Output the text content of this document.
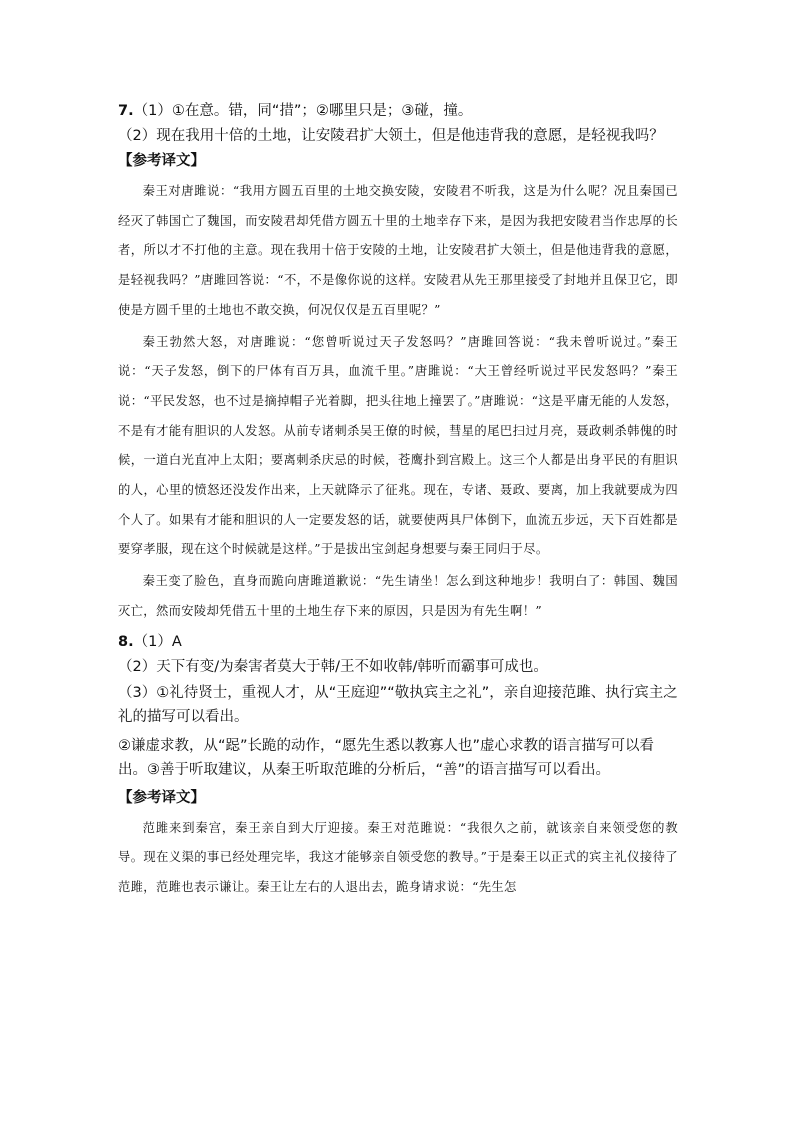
7.（1）①在意。错，同“措”；②哪里只是；③碰，撞。
（2）现在我用十倍的土地，让安陵君扩大领土，但是他违背我的意愿，是轻视我吗？
【参考译文】

秦王对唐雎说：“我用方圆五百里的土地交换安陵，安陵君不听我，这是为什么呢？况且秦国已经灭了韩国亡了魏国，而安陵君却凭借方圆五十里的土地幸存下来，是因为我把安陵君当作忠厚的长者，所以才不打他的主意。现在我用十倍于安陵的土地，让安陵君扩大领土，但是他违背我的意愿，是轻视我吗？”唐雎回答说：“不，不是像你说的这样。安陵君从先王那里接受了封地并且保卫它，即使是方圆千里的土地也不敢交换，何况仅仅是五百里呢？”

秦王勃然大怒，对唐雎说：“您曾听说过天子发怒吗？”唐雎回答说：“我未曾听说过。”秦王说：“天子发怒，倒下的尸体有百万具，血流千里。”唐雎说：“大王曾经听说过平民发怒吗？”秦王说：“平民发怒，也不过是摘掉帽子光着脚，把头往地上撞罢了。”唐雎说：“这是平庸无能的人发怒，不是有才能有胆识的人发怒。从前专诸刺杀吴王僚的时候，彗星的尾巴扫过月亮，聂政刺杀韩傀的时候，一道白光直冲上太阳；要离刺杀庆忌的时候，苍鹰扑到宫殿上。这三个人都是出身平民的有胆识的人，心里的愤怒还没发作出来，上天就降示了征兆。现在，专诸、聂政、要离，加上我就要成为四个人了。如果有才能和胆识的人一定要发怒的话，就要使两具尸体倒下，血流五步远，天下百姓都是要穿孝服，现在这个时候就是这样。”于是拔出宝剑起身想要与秦王同归于尽。

秦王变了脸色，直身而跪向唐雎道歉说：“先生请坐！怎么到这种地步！我明白了：韩国、魏国灭亡，然而安陵却凭借五十里的土地生存下来的原因，只是因为有先生啊！”

8.（1）A
（2）天下有变/为秦害者莫大于韩/王不如收韩/韩听而霸事可成也。
（3）①礼待贤士，重视人才，从“王庭迎”“敬执宾主之礼”，亲自迎接范雎、执行宾主之礼的描写可以看出。
②谦虚求教，从“跽”长跪的动作，“愿先生悉以教寡人也”虚心求教的语言描写可以看出。③善于听取建议，从秦王听取范雎的分析后，“善”的语言描写可以看出。
【参考译文】

范雎来到秦宫，秦王亲自到大厅迎接。秦王对范雎说：“我很久之前，就该亲自来领受您的教导。现在义渠的事已经处理完毕，我这才能够亲自领受您的教导。”于是秦王以正式的宾主礼仪接待了范雎，范雎也表示谦让。秦王让左右的人退出去，跪身请求说：“先生怎
